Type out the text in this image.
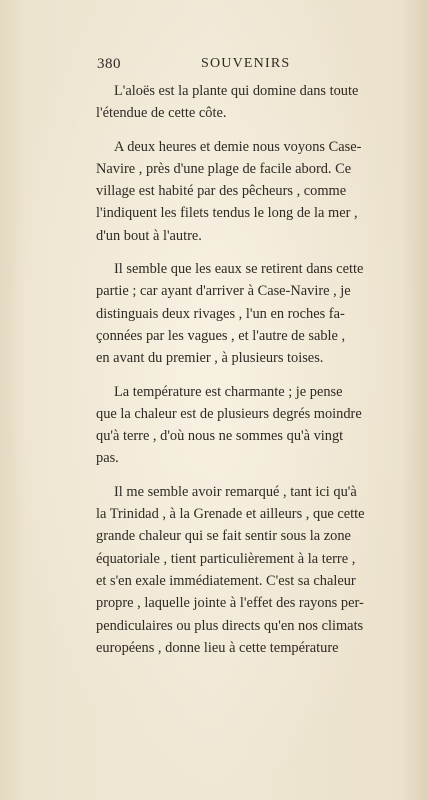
380	SOUVENIRS

L'aloës est la plante qui domine dans toute
l'étendue de cette côte.

A deux heures et demie nous voyons Case-
Navire , près d'une plage de facile abord. Ce
village est habité par des pêcheurs , comme
l'indiquent les filets tendus le long de la mer ,
d'un bout à l'autre.

Il semble que les eaux se retirent dans cette
partie ; car ayant d'arriver à Case-Navire , je
distinguais deux rivages , l'un en roches fa-
çonnées par les vagues , et l'autre de sable ,
en avant du premier , à plusieurs toises.

La température est charmante ; je pense
que la chaleur est de plusieurs degrés moindre
qu'à terre , d'où nous ne sommes qu'à vingt
pas.

Il me semble avoir remarqué , tant ici qu'à
la Trinidad , à la Grenade et ailleurs , que cette
grande chaleur qui se fait sentir sous la zone
équatoriale , tient particulièrement à la terre ,
et s'en exale immédiatement. C'est sa chaleur
propre , laquelle jointe à l'effet des rayons per-
pendiculaires ou plus directs qu'en nos climats
européens , donne lieu à cette température
